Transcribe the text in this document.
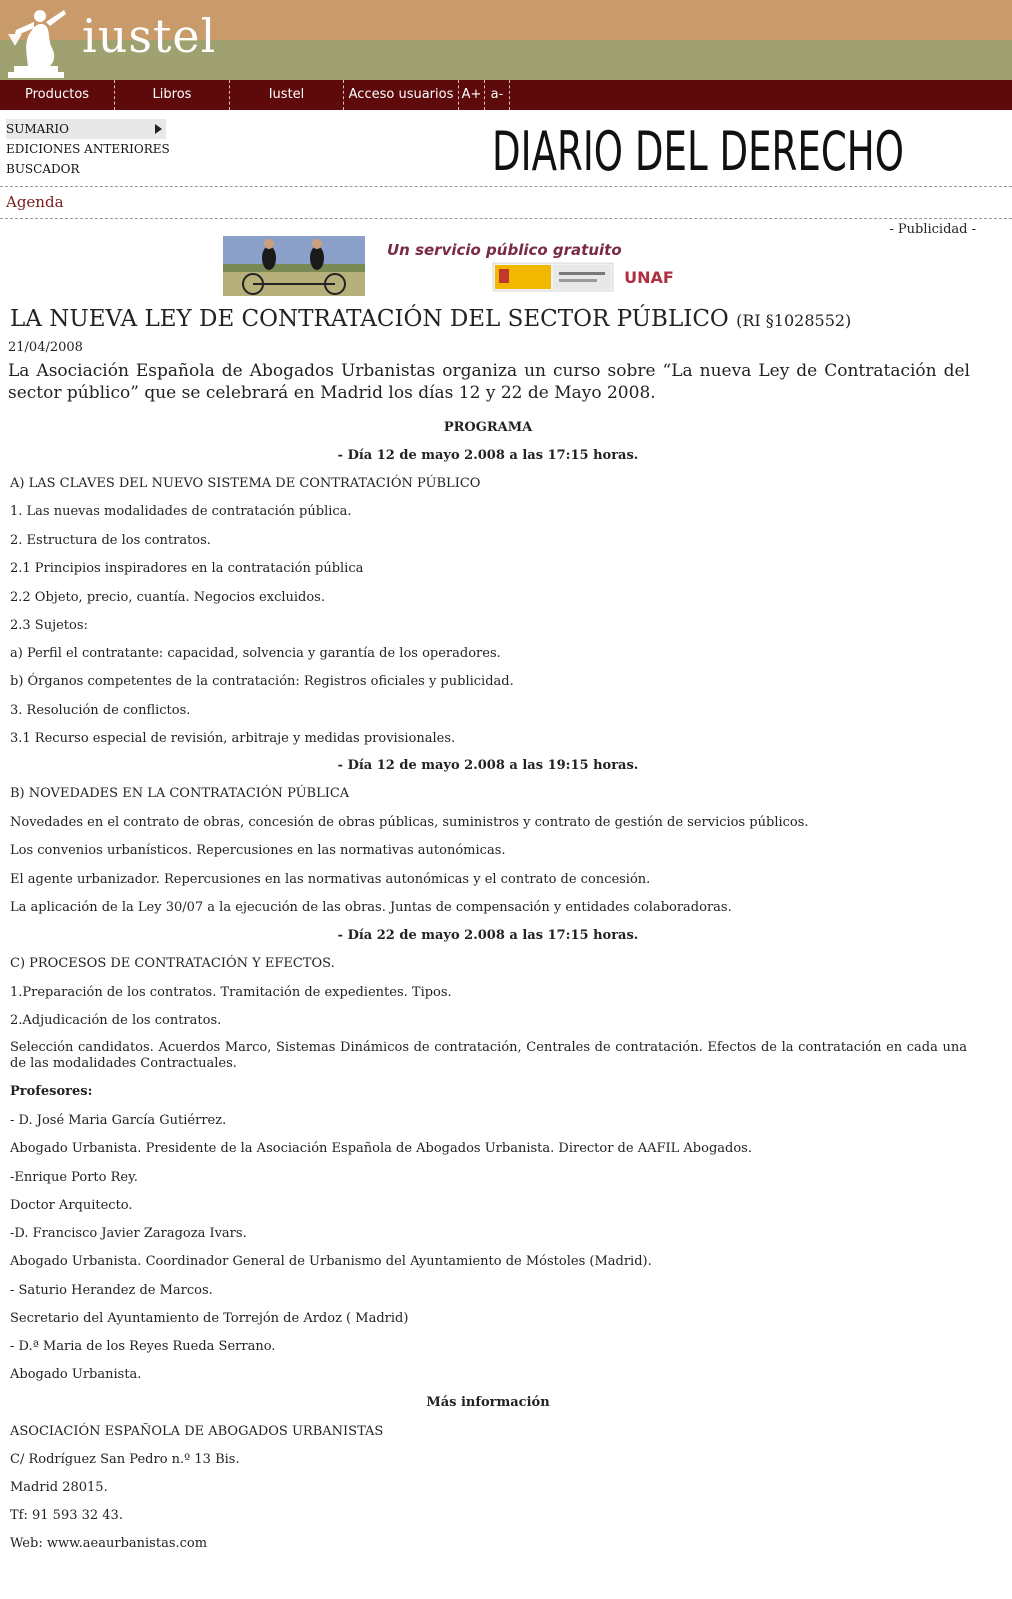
iustel
Productos	Libros	Iustel	Acceso usuarios A+ a-
SUMARIO
EDICIONES ANTERIORES
BUSCADOR	DIARIO DEL DERECHO
Agenda
- Publicidad -
Un servicio público gratuito
UNAF
LA NUEVA LEY DE CONTRATACIÓN DEL SECTOR PÚBLICO (RI §1028552)
21/04/2008
La Asociación Española de Abogados Urbanistas organiza un curso sobre “La nueva Ley de Contratación del sector público” que se celebrará en Madrid los días 12 y 22 de Mayo 2008.
PROGRAMA
- Día 12 de mayo 2.008 a las 17:15 horas.
A) LAS CLAVES DEL NUEVO SISTEMA DE CONTRATACIÓN PÚBLICO
1. Las nuevas modalidades de contratación pública.
2. Estructura de los contratos.
2.1 Principios inspiradores en la contratación pública
2.2 Objeto, precio, cuantía. Negocios excluidos.
2.3 Sujetos:
a) Perfil el contratante: capacidad, solvencia y garantía de los operadores.
b) Órganos competentes de la contratación: Registros oficiales y publicidad.
3. Resolución de conflictos.
3.1 Recurso especial de revisión, arbitraje y medidas provisionales.
- Día 12 de mayo 2.008 a las 19:15 horas.
B) NOVEDADES EN LA CONTRATACIÓN PÚBLICA
Novedades en el contrato de obras, concesión de obras públicas, suministros y contrato de gestión de servicios públicos.
Los convenios urbanísticos. Repercusiones en las normativas autonómicas.
El agente urbanizador. Repercusiones en las normativas autonómicas y el contrato de concesión.
La aplicación de la Ley 30/07 a la ejecución de las obras. Juntas de compensación y entidades colaboradoras.
- Día 22 de mayo 2.008 a las 17:15 horas.
C) PROCESOS DE CONTRATACIÓN Y EFECTOS.
1.Preparación de los contratos. Tramitación de expedientes. Tipos.
2.Adjudicación de los contratos.
Selección candidatos. Acuerdos Marco, Sistemas Dinámicos de contratación, Centrales de contratación. Efectos de la contratación en cada una de las modalidades Contractuales.
Profesores:
- D. José Maria García Gutiérrez.
Abogado Urbanista. Presidente de la Asociación Española de Abogados Urbanista. Director de AAFIL Abogados.
-Enrique Porto Rey.
Doctor Arquitecto.
-D. Francisco Javier Zaragoza Ivars.
Abogado Urbanista. Coordinador General de Urbanismo del Ayuntamiento de Móstoles (Madrid).
- Saturio Herandez de Marcos.
Secretario del Ayuntamiento de Torrejón de Ardoz ( Madrid)
- D.ª Maria de los Reyes Rueda Serrano.
Abogado Urbanista.
Más información
ASOCIACIÓN ESPAÑOLA DE ABOGADOS URBANISTAS
C/ Rodríguez San Pedro n.º 13 Bis.
Madrid 28015.
Tf: 91 593 32 43.
Web: www.aeaurbanistas.com
